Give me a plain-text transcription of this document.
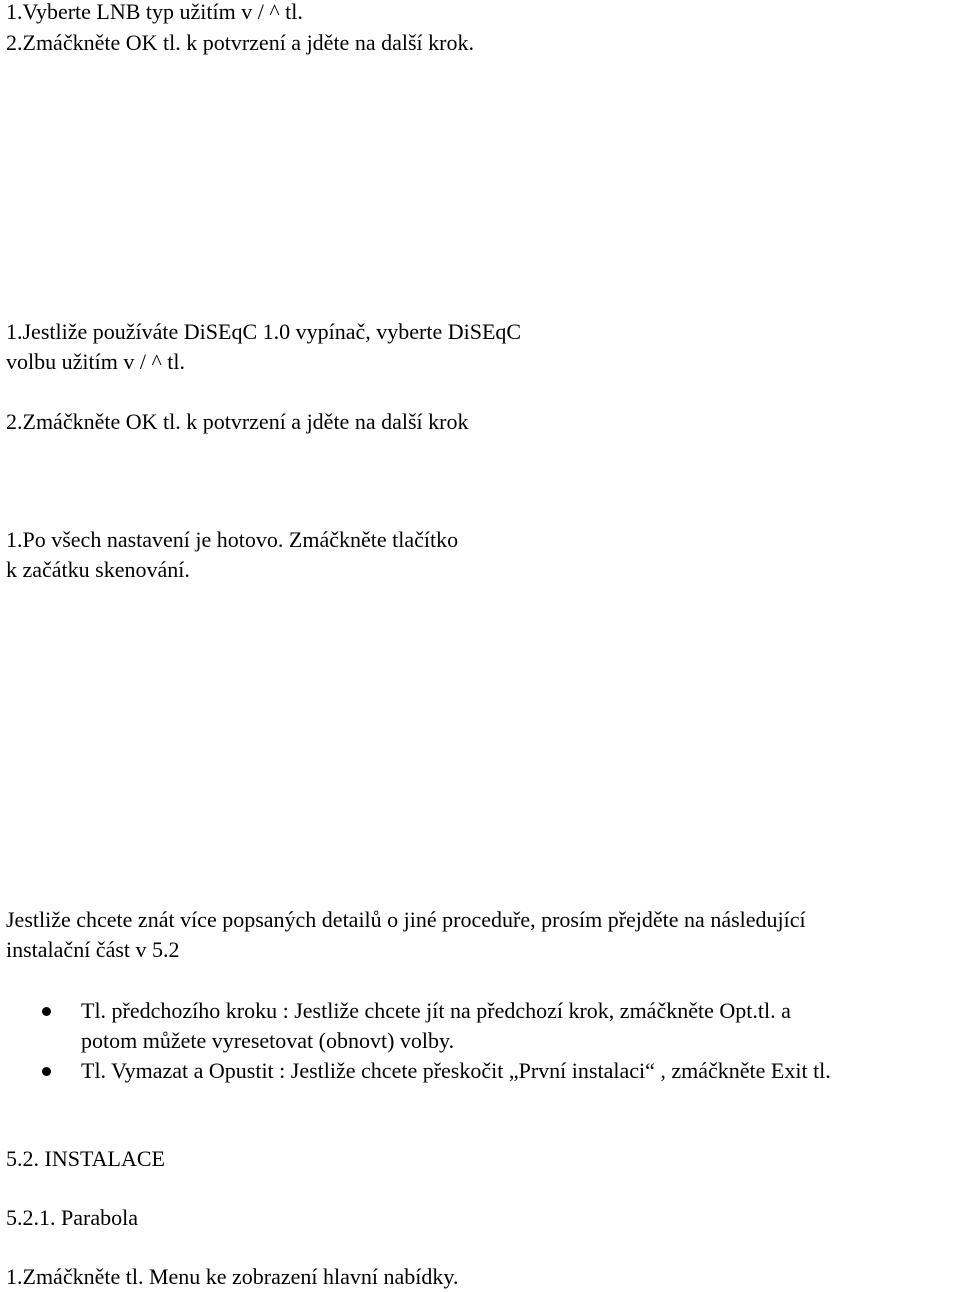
1.Vyberte LNB typ užitím v / ^ tl.

2.Zmáčkněte OK tl. k potvrzení a jděte na další krok.

1.Jestliže používáte DiSEqC 1.0 vypínač, vyberte DiSEqC

volbu užitím v / ^ tl.

2.Zmáčkněte OK tl. k potvrzení a jděte na další krok

1.Po všech nastavení je hotovo. Zmáčkněte tlačítko

k začátku skenování.

Jestliže chcete znát více popsaných detailů o jiné proceduře, prosím přejděte na následující

instalační část v 5.2

Tl. předchozího kroku : Jestliže chcete jít na předchozí krok, zmáčkněte Opt.tl. a

potom můžete vyresetovat (obnovt) volby.

Tl. Vymazat a Opustit : Jestliže chcete přeskočit „První instalaci“ , zmáčkněte Exit tl.

5.2. INSTALACE

5.2.1. Parabola

1.Zmáčkněte tl. Menu ke zobrazení hlavní nabídky.
